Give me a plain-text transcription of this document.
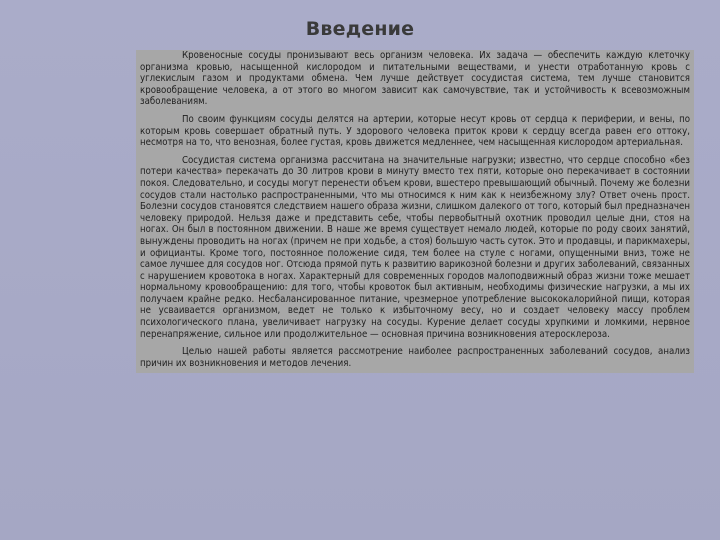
Введение

Кровеносные сосуды пронизывают весь организм человека. Их задача — обеспечить каждую клеточку организма кровью, насыщенной кислородом и питательными веществами, и унести отработанную кровь с углекислым газом и продуктами обмена. Чем лучше действует сосудистая система, тем лучше становится кровообращение человека, а от этого во многом зависит как самочувствие, так и устойчивость к всевозможным заболеваниям.

По своим функциям сосуды делятся на артерии, которые несут кровь от сердца к периферии, и вены, по которым кровь совершает обратный путь. У здорового человека приток крови к сердцу всегда равен его оттоку, несмотря на то, что венозная, более густая, кровь движется медленнее, чем насыщенная кислородом артериальная.

Сосудистая система организма рассчитана на значительные нагрузки; известно, что сердце способно «без потери качества» перекачать до 30 литров крови в минуту вместо тех пяти, которые оно перекачивает в состоянии покоя. Следовательно, и сосуды могут перенести объем крови, вшестеро превышающий обычный. Почему же болезни сосудов стали настолько распространенными, что мы относимся к ним как к неизбежному злу? Ответ очень прост. Болезни сосудов становятся следствием нашего образа жизни, слишком далекого от того, который был предназначен человеку природой. Нельзя даже и представить себе, чтобы первобытный охотник проводил целые дни, стоя на ногах. Он был в постоянном движении. В наше же время существует немало людей, которые по роду своих занятий, вынуждены проводить на ногах (причем не при ходьбе, а стоя) большую часть суток. Это и продавцы, и парикмахеры, и официанты. Кроме того, постоянное положение сидя, тем более на стуле с ногами, опущенными вниз, тоже не самое лучшее для сосудов ног. Отсюда прямой путь к развитию варикозной болезни и других заболеваний, связанных с нарушением кровотока в ногах. Характерный для современных городов малоподвижный образ жизни тоже мешает нормальному кровообращению: для того, чтобы кровоток был активным, необходимы физические нагрузки, а мы их получаем крайне редко. Несбалансированное питание, чрезмерное употребление высококалорийной пищи, которая не усваивается организмом, ведет не только к избыточному весу, но и создает человеку массу проблем психологического плана, увеличивает нагрузку на сосуды. Курение делает сосуды хрупкими и ломкими, нервное перенапряжение, сильное или продолжительное — основная причина возникновения атеросклероза.

Целью нашей работы является рассмотрение наиболее распространенных заболеваний сосудов, анализ причин их возникновения и методов лечения.
